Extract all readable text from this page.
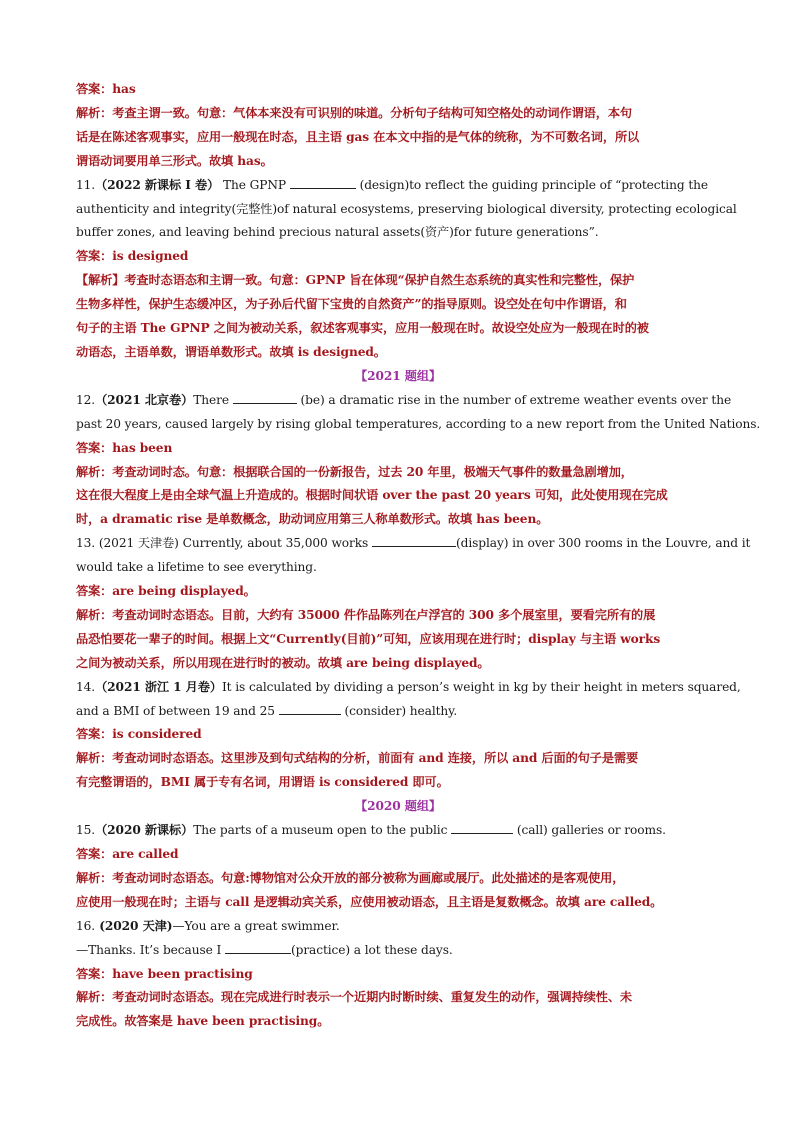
答案：has
解析：考查主谓一致。句意：气体本来没有可识别的味道。分析句子结构可知空格处的动词作谓语，本句
话是在陈述客观事实，应用一般现在时态，且主语 gas 在本文中指的是气体的统称，为不可数名词，所以
谓语动词要用单三形式。故填 has。
11.（2022 新课标 I 卷） The GPNP	(design)to reflect the guiding principle of “protecting the
authenticity and integrity(完整性)of natural ecosystems, preserving biological diversity, protecting ecological
buffer zones, and leaving behind precious natural assets(资产)for future generations”.
答案：is designed
【解析】考查时态语态和主谓一致。句意：GPNP 旨在体现“保护自然生态系统的真实性和完整性，保护
生物多样性，保护生态缓冲区，为子孙后代留下宝贵的自然资产”的指导原则。设空处在句中作谓语，和
句子的主语 The GPNP 之间为被动关系，叙述客观事实，应用一般现在时。故设空处应为一般现在时的被
动语态，主语单数，谓语单数形式。故填 is designed。
【2021 题组】
12.（2021 北京卷）There	(be) a dramatic rise in the number of extreme weather events over the
past 20 years, caused largely by rising global temperatures, according to a new report from the United Nations.
答案：has been
解析：考查动词时态。句意：根据联合国的一份新报告，过去 20 年里，极端天气事件的数量急剧增加，
这在很大程度上是由全球气温上升造成的。根据时间状语 over the past 20 years 可知，此处使用现在完成
时，a dramatic rise 是单数概念，助动词应用第三人称单数形式。故填 has been。
13. (2021 天津卷) Currently, about 35,000 works	(display) in over 300 rooms in the Louvre, and it
would take a lifetime to see everything.
答案：are being displayed。
解析：考查动词时态语态。目前，大约有 35000 件作品陈列在卢浮宫的 300 多个展室里，要看完所有的展
品恐怕要花一辈子的时间。根据上文“Currently(目前)”可知，应该用现在进行时；display 与主语 works
之间为被动关系，所以用现在进行时的被动。故填 are being displayed。
14.（2021 浙江 1 月卷）It is calculated by dividing a person’s weight in kg by their height in meters squared,
and a BMI of between 19 and 25	(consider) healthy.
答案：is considered
解析：考查动词时态语态。这里涉及到句式结构的分析，前面有 and 连接，所以 and 后面的句子是需要
有完整谓语的，BMI 属于专有名词，用谓语 is considered 即可。
【2020 题组】
15.（2020 新课标）The parts of a museum open to the public	(call) galleries or rooms.
答案：are called
解析：考查动词时态语态。句意:博物馆对公众开放的部分被称为画廊或展厅。此处描述的是客观使用，
应使用一般现在时；主语与 call 是逻辑动宾关系，应使用被动语态，且主语是复数概念。故填 are called。
16. (2020 天津)—You are a great swimmer.
—Thanks. It’s because I	(practice) a lot these days.
答案：have been practising
解析：考查动词时态语态。现在完成进行时表示一个近期内时断时续、重复发生的动作，强调持续性、未
完成性。故答案是 have been practising。
